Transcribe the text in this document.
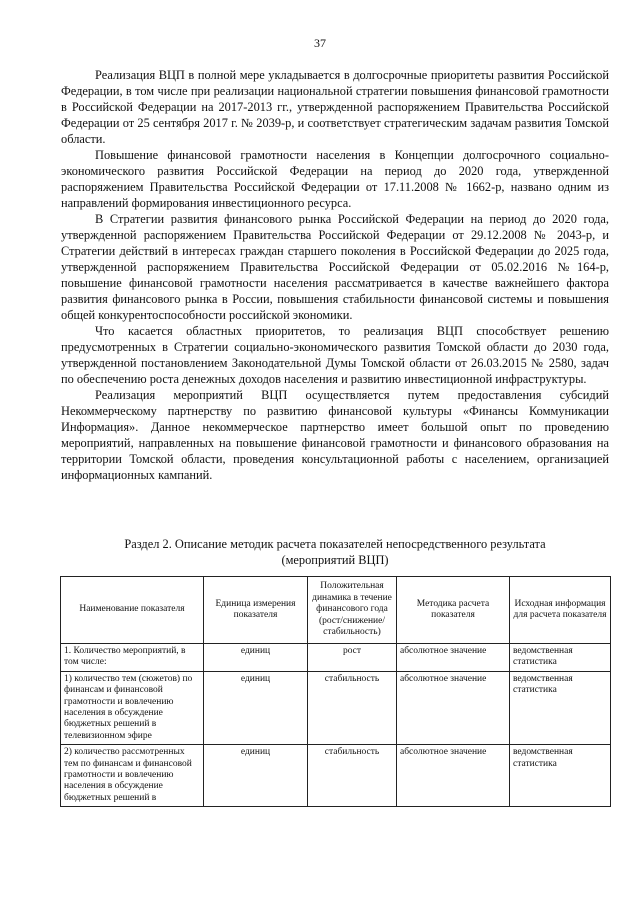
37

Реализация ВЦП в полной мере укладывается в долгосрочные приоритеты развития Российской Федерации, в том числе при реализации национальной стратегии повышения финансовой грамотности в Российской Федерации на 2017-2013 гг., утвержденной распоряжением Правительства Российской Федерации от 25 сентября 2017 г. № 2039-р, и соответствует стратегическим задачам развития Томской области.

Повышение финансовой грамотности населения в Концепции долгосрочного социально-экономического развития Российской Федерации на период до 2020 года, утвержденной распоряжением Правительства Российской Федерации от 17.11.2008 № 1662-р, названо одним из направлений формирования инвестиционного ресурса.

В Стратегии развития финансового рынка Российской Федерации на период до 2020 года, утвержденной распоряжением Правительства Российской Федерации от 29.12.2008 № 2043-р, и Стратегии действий в интересах граждан старшего поколения в Российской Федерации до 2025 года, утвержденной распоряжением Правительства Российской Федерации от 05.02.2016 №164-р, повышение финансовой грамотности населения рассматривается в качестве важнейшего фактора развития финансового рынка в России, повышения стабильности финансовой системы и повышения общей конкурентоспособности российской экономики.

Что касается областных приоритетов, то реализация ВЦП способствует решению предусмотренных в Стратегии социально-экономического развития Томской области до 2030 года, утвержденной постановлением Законодательной Думы Томской области от 26.03.2015 № 2580, задач по обеспечению роста денежных доходов населения и развитию инвестиционной инфраструктуры.

Реализация мероприятий ВЦП осуществляется путем предоставления субсидий Некоммерческому партнерству по развитию финансовой культуры «Финансы Коммуникации Информация». Данное некоммерческое партнерство имеет большой опыт по проведению мероприятий, направленных на повышение финансовой грамотности и финансового образования на территории Томской области, проведения консультационной работы с населением, организацией информационных кампаний.

Раздел 2. Описание методик расчета показателей непосредственного результата
(мероприятий ВЦП)
Наименование показателя	Единица измерения показателя	Положительная динамика в течение финансового года (рост/снижение/ стабильность)	Методика расчета показателя	Исходная информация для расчета показателя
1. Количество мероприятий, в том числе:	единиц	рост	абсолютное значение	ведомственная статистика
1) количество тем (сюжетов) по финансам и финансовой грамотности и вовлечению населения в обсуждение бюджетных решений в телевизионном эфире	единиц	стабильность	абсолютное значение	ведомственная статистика
2) количество рассмотренных тем по финансам и финансовой грамотности и вовлечению населения в обсуждение бюджетных решений в	единиц	стабильность	абсолютное значение	ведомственная статистика
